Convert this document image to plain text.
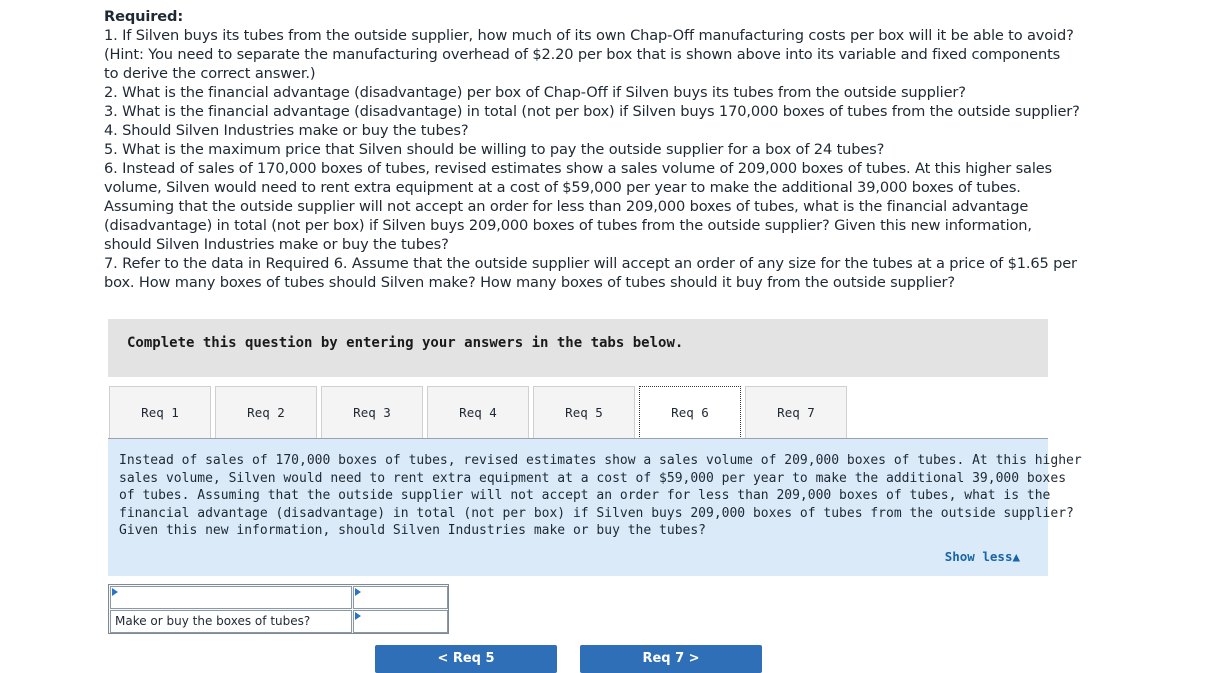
Required:
1. If Silven buys its tubes from the outside supplier, how much of its own Chap-Off manufacturing costs per box will it be able to avoid?
(Hint: You need to separate the manufacturing overhead of $2.20 per box that is shown above into its variable and fixed components
to derive the correct answer.)
2. What is the financial advantage (disadvantage) per box of Chap-Off if Silven buys its tubes from the outside supplier?
3. What is the financial advantage (disadvantage) in total (not per box) if Silven buys 170,000 boxes of tubes from the outside supplier?
4. Should Silven Industries make or buy the tubes?
5. What is the maximum price that Silven should be willing to pay the outside supplier for a box of 24 tubes?
6. Instead of sales of 170,000 boxes of tubes, revised estimates show a sales volume of 209,000 boxes of tubes. At this higher sales
volume, Silven would need to rent extra equipment at a cost of $59,000 per year to make the additional 39,000 boxes of tubes.
Assuming that the outside supplier will not accept an order for less than 209,000 boxes of tubes, what is the financial advantage
(disadvantage) in total (not per box) if Silven buys 209,000 boxes of tubes from the outside supplier? Given this new information,
should Silven Industries make or buy the tubes?
7. Refer to the data in Required 6. Assume that the outside supplier will accept an order of any size for the tubes at a price of $1.65 per
box. How many boxes of tubes should Silven make? How many boxes of tubes should it buy from the outside supplier?
Complete this question by entering your answers in the tabs below.
Req 1	Req 2	Req 3	Req 4	Req 5	Req 6	Req 7
Instead of sales of 170,000 boxes of tubes, revised estimates show a sales volume of 209,000 boxes of tubes. At this higher
sales volume, Silven would need to rent extra equipment at a cost of $59,000 per year to make the additional 39,000 boxes
of tubes. Assuming that the outside supplier will not accept an order for less than 209,000 boxes of tubes, what is the
financial advantage (disadvantage) in total (not per box) if Silven buys 209,000 boxes of tubes from the outside supplier?
Given this new information, should Silven Industries make or buy the tubes?
Show less▲
Make or buy the boxes of tubes?
< Req 5	Req 7 >
